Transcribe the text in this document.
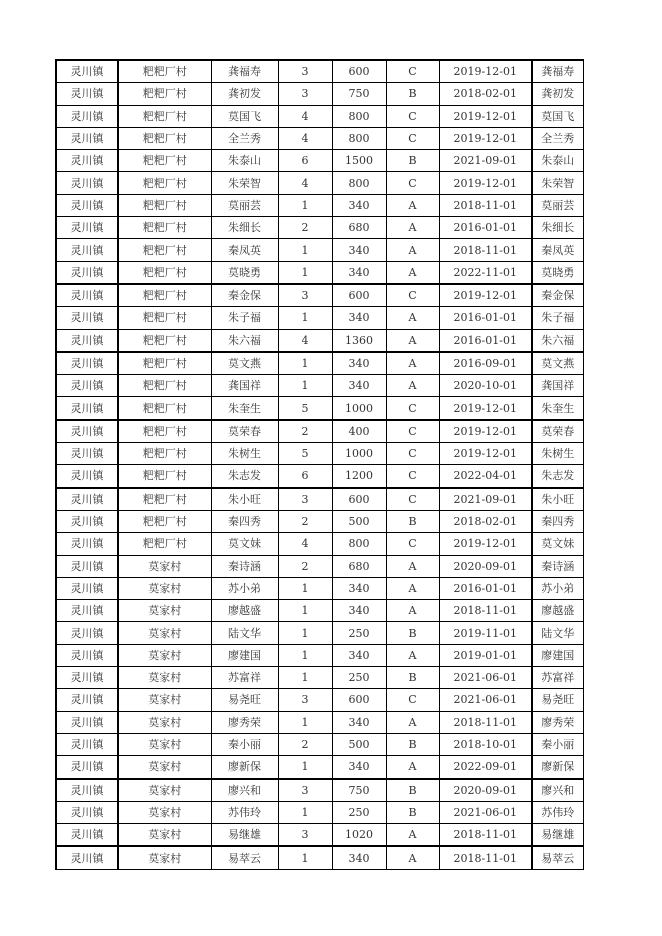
灵川镇	粑粑厂村	龚福寿	3	600	C	2019-12-01	龚福寿
灵川镇	粑粑厂村	龚初发	3	750	B	2018-02-01	龚初发
灵川镇	粑粑厂村	莫国飞	4	800	C	2019-12-01	莫国飞
灵川镇	粑粑厂村	全兰秀	4	800	C	2019-12-01	全兰秀
灵川镇	粑粑厂村	朱泰山	6	1500	B	2021-09-01	朱泰山
灵川镇	粑粑厂村	朱荣智	4	800	C	2019-12-01	朱荣智
灵川镇	粑粑厂村	莫丽芸	1	340	A	2018-11-01	莫丽芸
灵川镇	粑粑厂村	朱细长	2	680	A	2016-01-01	朱细长
灵川镇	粑粑厂村	秦凤英	1	340	A	2018-11-01	秦凤英
灵川镇	粑粑厂村	莫晓勇	1	340	A	2022-11-01	莫晓勇
灵川镇	粑粑厂村	秦金保	3	600	C	2019-12-01	秦金保
灵川镇	粑粑厂村	朱子福	1	340	A	2016-01-01	朱子福
灵川镇	粑粑厂村	朱六福	4	1360	A	2016-01-01	朱六福
灵川镇	粑粑厂村	莫文燕	1	340	A	2016-09-01	莫文燕
灵川镇	粑粑厂村	龚国祥	1	340	A	2020-10-01	龚国祥
灵川镇	粑粑厂村	朱奎生	5	1000	C	2019-12-01	朱奎生
灵川镇	粑粑厂村	莫荣春	2	400	C	2019-12-01	莫荣春
灵川镇	粑粑厂村	朱树生	5	1000	C	2019-12-01	朱树生
灵川镇	粑粑厂村	朱志发	6	1200	C	2022-04-01	朱志发
灵川镇	粑粑厂村	朱小旺	3	600	C	2021-09-01	朱小旺
灵川镇	粑粑厂村	秦四秀	2	500	B	2018-02-01	秦四秀
灵川镇	粑粑厂村	莫文妹	4	800	C	2019-12-01	莫文妹
灵川镇	莫家村	秦诗涵	2	680	A	2020-09-01	秦诗涵
灵川镇	莫家村	苏小弟	1	340	A	2016-01-01	苏小弟
灵川镇	莫家村	廖越盛	1	340	A	2018-11-01	廖越盛
灵川镇	莫家村	陆文华	1	250	B	2019-11-01	陆文华
灵川镇	莫家村	廖建国	1	340	A	2019-01-01	廖建国
灵川镇	莫家村	苏富祥	1	250	B	2021-06-01	苏富祥
灵川镇	莫家村	易尧旺	3	600	C	2021-06-01	易尧旺
灵川镇	莫家村	廖秀荣	1	340	A	2018-11-01	廖秀荣
灵川镇	莫家村	秦小丽	2	500	B	2018-10-01	秦小丽
灵川镇	莫家村	廖新保	1	340	A	2022-09-01	廖新保
灵川镇	莫家村	廖兴和	3	750	B	2020-09-01	廖兴和
灵川镇	莫家村	苏伟玲	1	250	B	2021-06-01	苏伟玲
灵川镇	莫家村	易继雄	3	1020	A	2018-11-01	易继雄
灵川镇	莫家村	易萃云	1	340	A	2018-11-01	易萃云
